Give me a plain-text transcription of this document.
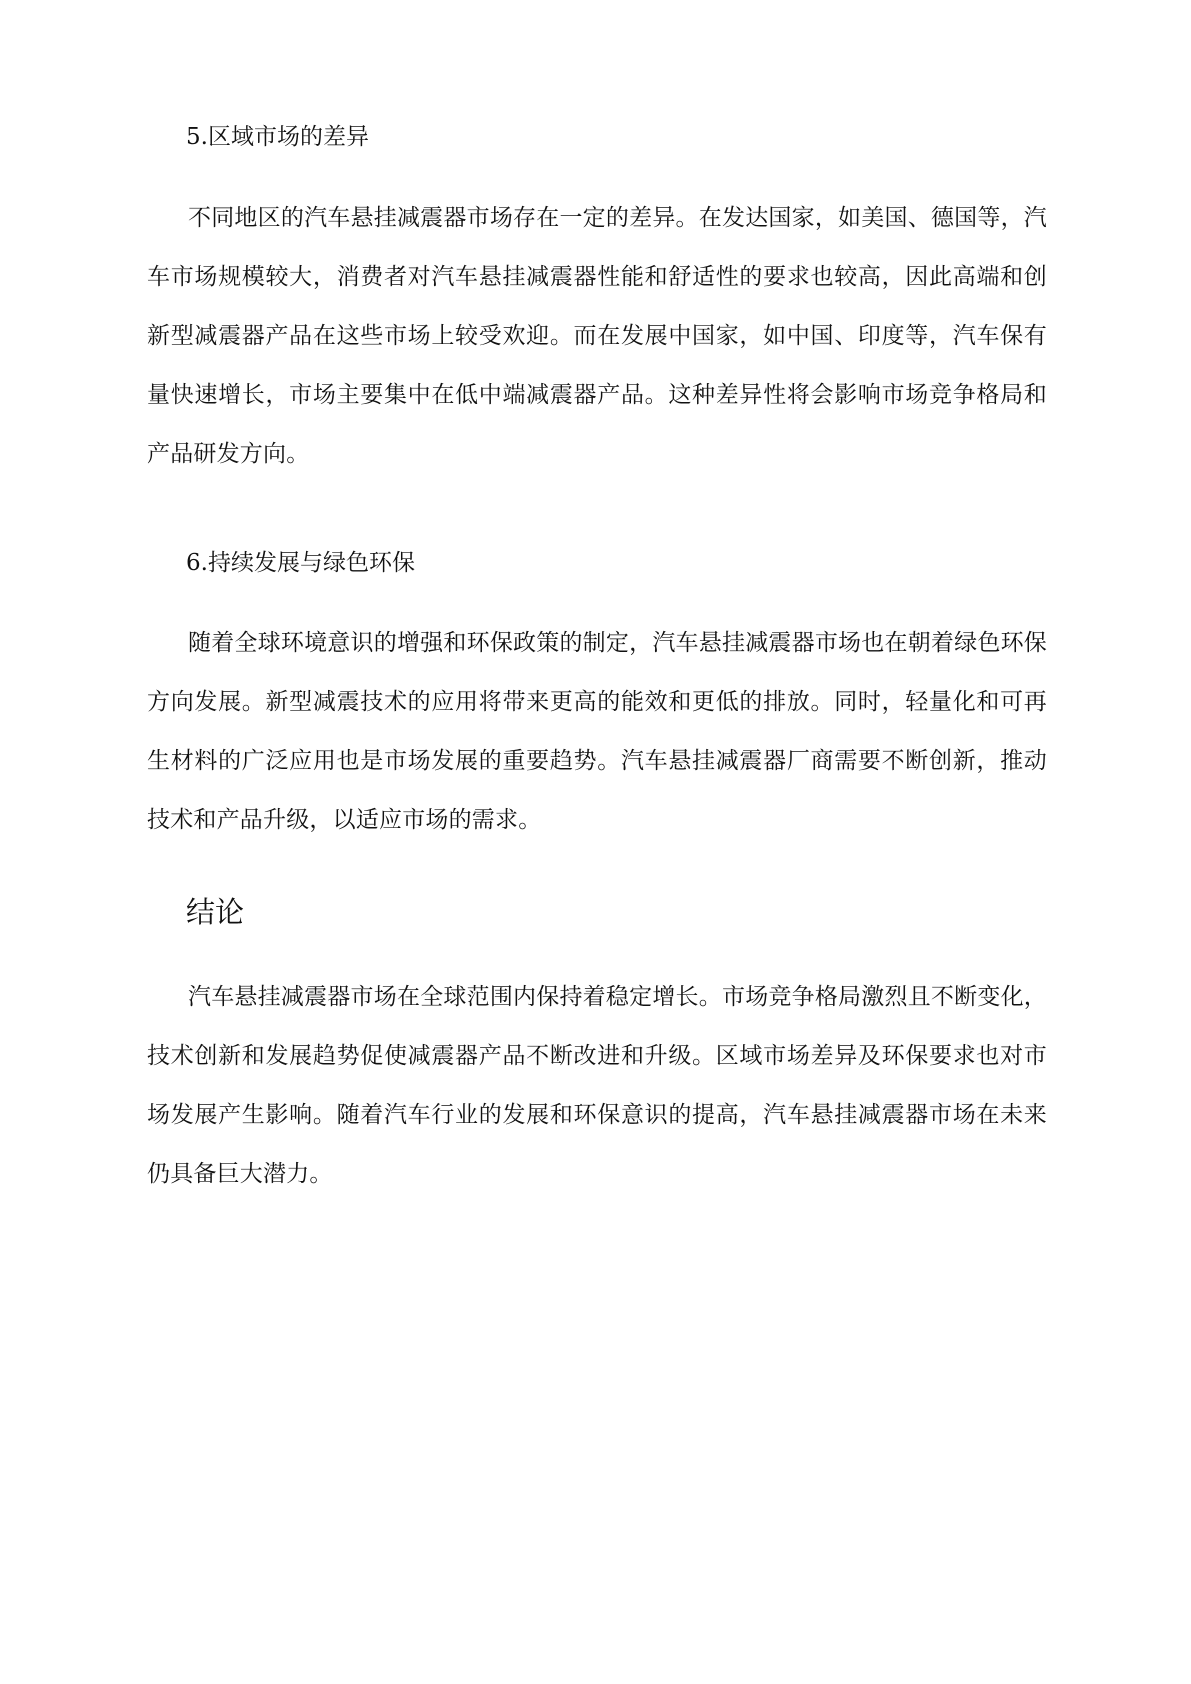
5.区域市场的差异
不同地区的汽车悬挂减震器市场存在一定的差异。在发达国家，如美国、德国等，汽车市场规模较大，消费者对汽车悬挂减震器性能和舒适性的要求也较高，因此高端和创新型减震器产品在这些市场上较受欢迎。而在发展中国家，如中国、印度等，汽车保有量快速增长，市场主要集中在低中端减震器产品。这种差异性将会影响市场竞争格局和产品研发方向。
6.持续发展与绿色环保
随着全球环境意识的增强和环保政策的制定，汽车悬挂减震器市场也在朝着绿色环保方向发展。新型减震技术的应用将带来更高的能效和更低的排放。同时，轻量化和可再生材料的广泛应用也是市场发展的重要趋势。汽车悬挂减震器厂商需要不断创新，推动技术和产品升级，以适应市场的需求。
结论
汽车悬挂减震器市场在全球范围内保持着稳定增长。市场竞争格局激烈且不断变化，技术创新和发展趋势促使减震器产品不断改进和升级。区域市场差异及环保要求也对市场发展产生影响。随着汽车行业的发展和环保意识的提高，汽车悬挂减震器市场在未来仍具备巨大潜力。
